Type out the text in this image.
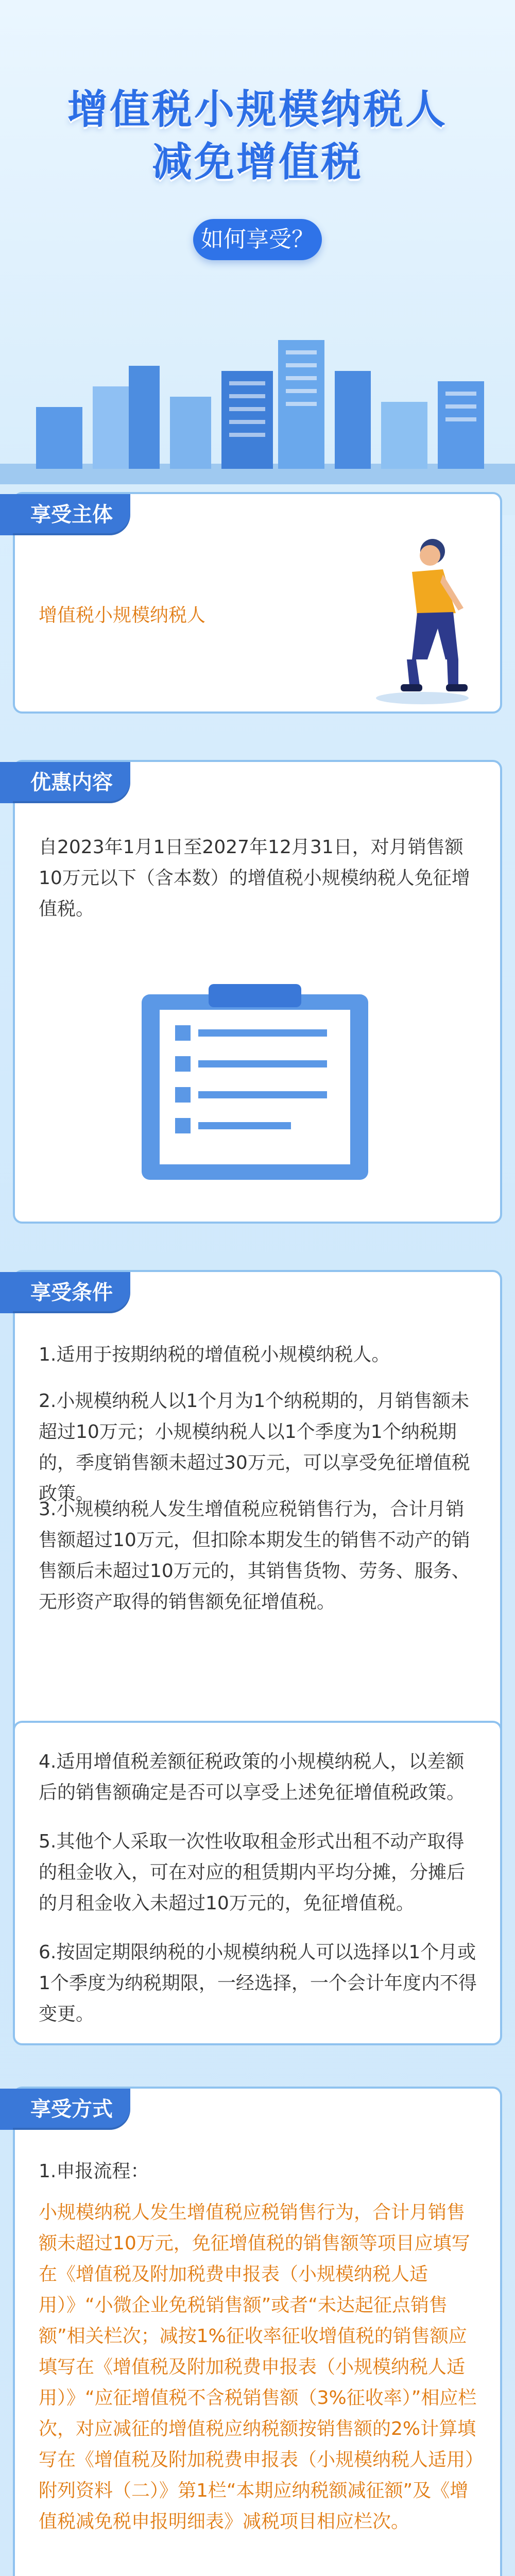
增值税小规模纳税人
减免增值税
如何享受？
享受主体
增值税小规模纳税人
优惠内容
自2023年1月1日至2027年12月31日，对月销售额10万元以下（含本数）的增值税小规模纳税人免征增值税。
享受条件
1.适用于按期纳税的增值税小规模纳税人。
2.小规模纳税人以1个月为1个纳税期的，月销售额未超过10万元；小规模纳税人以1个季度为1个纳税期的，季度销售额未超过30万元，可以享受免征增值税政策。
3.小规模纳税人发生增值税应税销售行为，合计月销售额超过10万元，但扣除本期发生的销售不动产的销售额后未超过10万元的，其销售货物、劳务、服务、无形资产取得的销售额免征增值税。
4.适用增值税差额征税政策的小规模纳税人，以差额后的销售额确定是否可以享受上述免征增值税政策。
5.其他个人采取一次性收取租金形式出租不动产取得的租金收入，可在对应的租赁期内平均分摊，分摊后的月租金收入未超过10万元的，免征增值税。
6.按固定期限纳税的小规模纳税人可以选择以1个月或1个季度为纳税期限，一经选择，一个会计年度内不得变更。
享受方式
1.申报流程：
小规模纳税人发生增值税应税销售行为，合计月销售额未超过10万元，免征增值税的销售额等项目应填写在《增值税及附加税费申报表（小规模纳税人适用）》“小微企业免税销售额”或者“未达起征点销售额”相关栏次；减按1%征收率征收增值税的销售额应填写在《增值税及附加税费申报表（小规模纳税人适用）》“应征增值税不含税销售额（3%征收率）”相应栏次，对应减征的增值税应纳税额按销售额的2%计算填写在《增值税及附加税费申报表（小规模纳税人适用）附列资料（二）》第1栏“本期应纳税额减征额”及《增值税减免税申报明细表》减税项目相应栏次。
